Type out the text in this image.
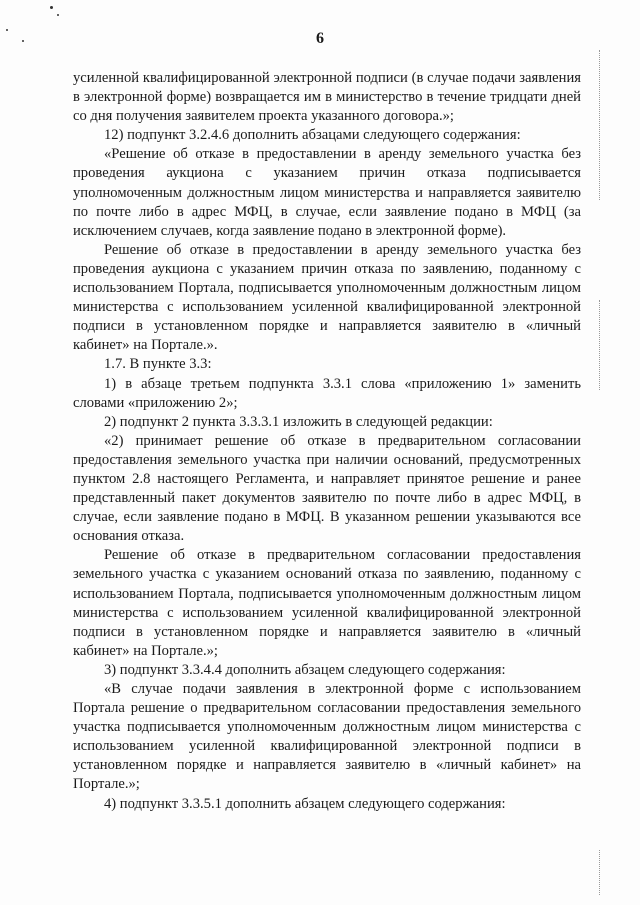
6

усиленной квалифицированной электронной подписи (в случае подачи заявления в электронной форме) возвращается им в министерство в течение тридцати дней со дня получения заявителем проекта указанного договора.»;

12) подпункт 3.2.4.6 дополнить абзацами следующего содержания:

«Решение об отказе в предоставлении в аренду земельного участка без проведения аукциона с указанием причин отказа подписывается уполномоченным должностным лицом министерства и направляется заявителю по почте либо в адрес МФЦ, в случае, если заявление подано в МФЦ (за исключением случаев, когда заявление подано в электронной форме).

Решение об отказе в предоставлении в аренду земельного участка без проведения аукциона с указанием причин отказа по заявлению, поданному с использованием Портала, подписывается уполномоченным должностным лицом министерства с использованием усиленной квалифицированной электронной подписи в установленном порядке и направляется заявителю в «личный кабинет» на Портале.».

1.7. В пункте 3.3:

1) в абзаце третьем подпункта 3.3.1 слова «приложению 1» заменить словами «приложению 2»;

2) подпункт 2 пункта 3.3.3.1 изложить в следующей редакции:

«2) принимает решение об отказе в предварительном согласовании предоставления земельного участка при наличии оснований, предусмотренных пунктом 2.8 настоящего Регламента, и направляет принятое решение и ранее представленный пакет документов заявителю по почте либо в адрес МФЦ, в случае, если заявление подано в МФЦ. В указанном решении указываются все основания отказа.

Решение об отказе в предварительном согласовании предоставления земельного участка с указанием оснований отказа по заявлению, поданному с использованием Портала, подписывается уполномоченным должностным лицом министерства с использованием усиленной квалифицированной электронной подписи в установленном порядке и направляется заявителю в «личный кабинет» на Портале.»;

3) подпункт 3.3.4.4 дополнить абзацем следующего содержания:

«В случае подачи заявления в электронной форме с использованием Портала решение о предварительном согласовании предоставления земельного участка подписывается уполномоченным должностным лицом министерства с использованием усиленной квалифицированной электронной подписи в установленном порядке и направляется заявителю в «личный кабинет» на Портале.»;

4) подпункт 3.3.5.1 дополнить абзацем следующего содержания:
